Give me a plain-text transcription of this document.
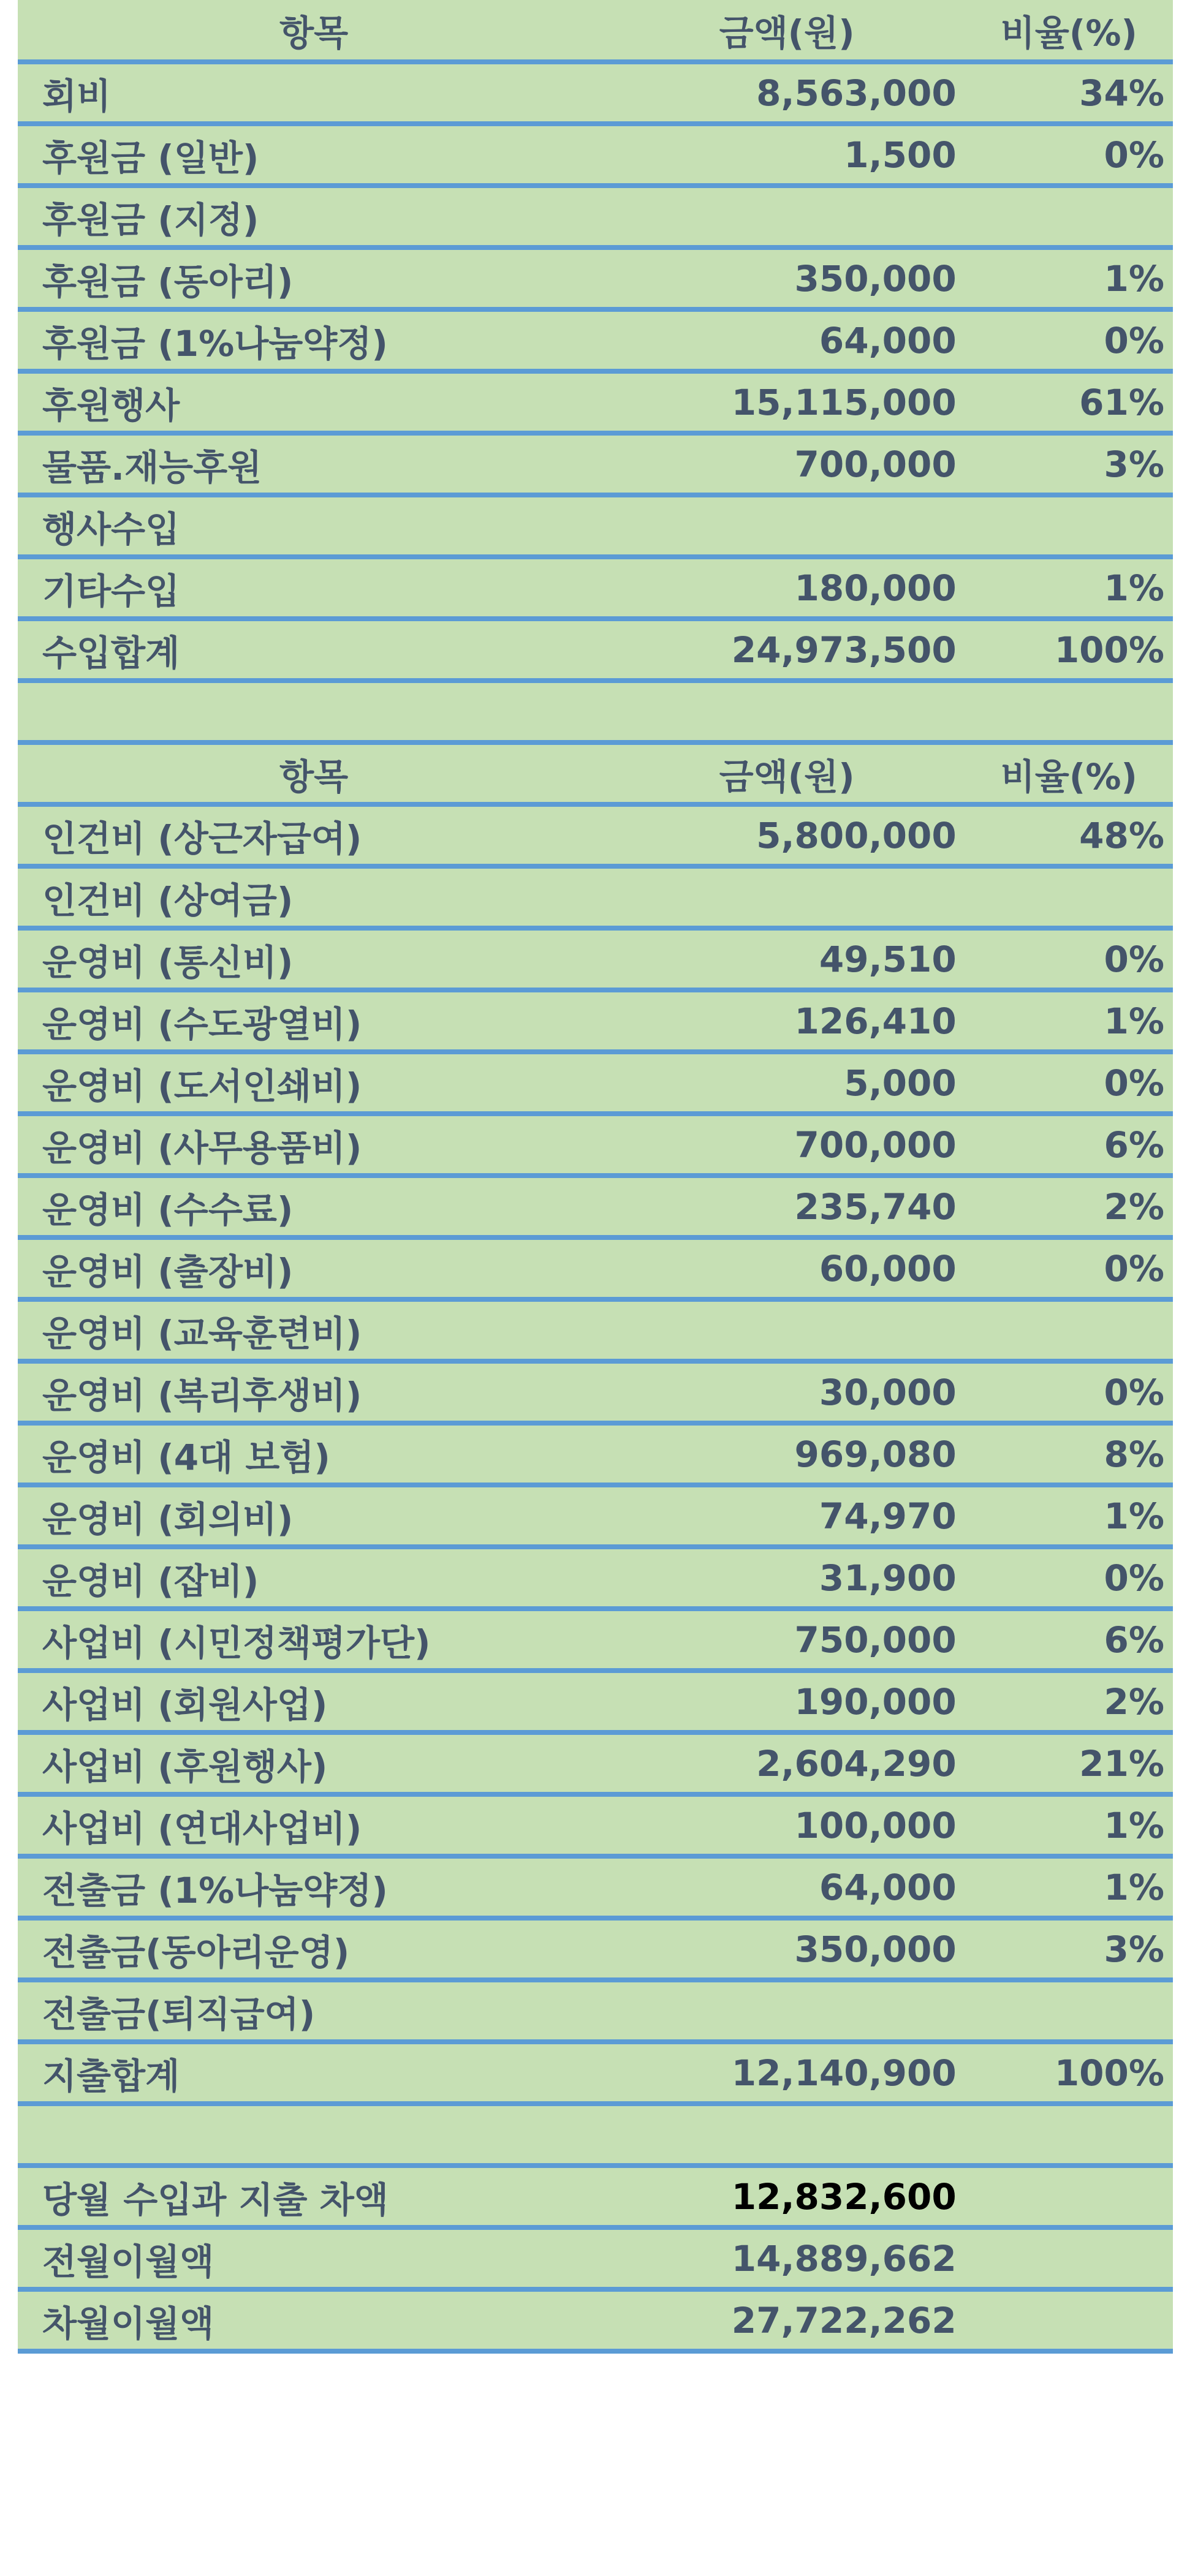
항목	금액(원)	비율(%)
회비	8,563,000	34%
후원금 (일반)	1,500	0%
후원금 (지정)		
후원금 (동아리)	350,000	1%
후원금 (1%나눔약정)	64,000	0%
후원행사	15,115,000	61%
물품.재능후원	700,000	3%
행사수입		
기타수입	180,000	1%
수입합계	24,973,500	100%

항목	금액(원)	비율(%)
인건비 (상근자급여)	5,800,000	48%
인건비 (상여금)		
운영비 (통신비)	49,510	0%
운영비 (수도광열비)	126,410	1%
운영비 (도서인쇄비)	5,000	0%
운영비 (사무용품비)	700,000	6%
운영비 (수수료)	235,740	2%
운영비 (출장비)	60,000	0%
운영비 (교육훈련비)		
운영비 (복리후생비)	30,000	0%
운영비 (4대 보험)	969,080	8%
운영비 (회의비)	74,970	1%
운영비 (잡비)	31,900	0%
사업비 (시민정책평가단)	750,000	6%
사업비 (회원사업)	190,000	2%
사업비 (후원행사)	2,604,290	21%
사업비 (연대사업비)	100,000	1%
전출금 (1%나눔약정)	64,000	1%
전출금(동아리운영)	350,000	3%
전출금(퇴직급여)		
지출합계	12,140,900	100%

당월 수입과 지출 차액	12,832,600	
전월이월액	14,889,662	
차월이월액	27,722,262	
